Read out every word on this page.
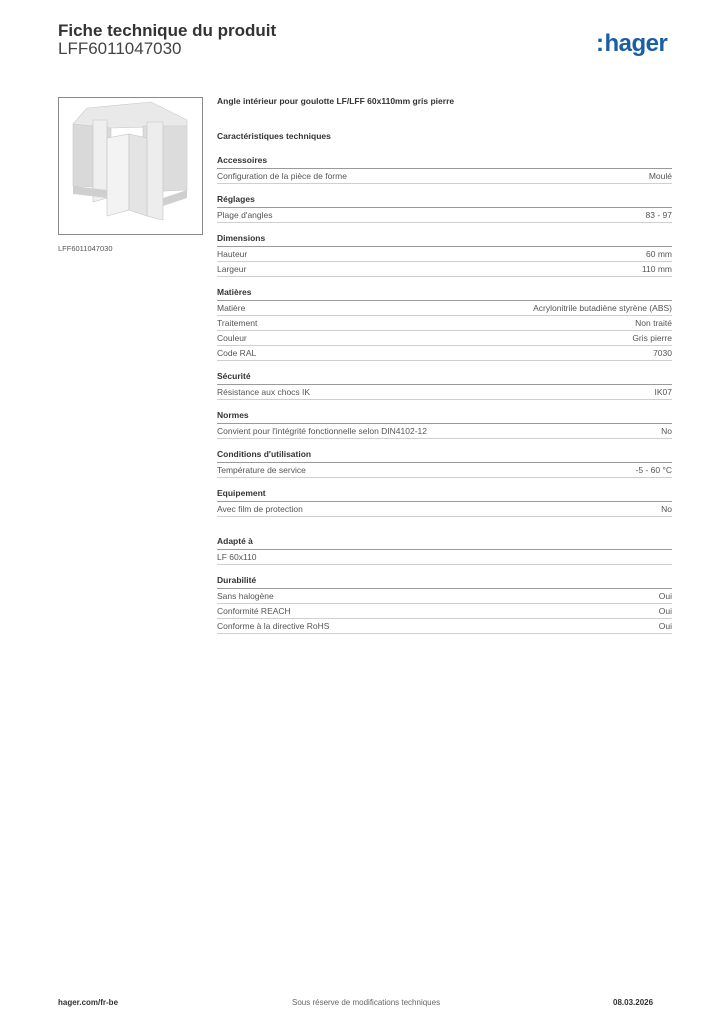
Fiche technique du produit
LFF6011047030	:hager
LFF6011047030
Angle intérieur pour goulotte LF/LFF 60x110mm gris pierre
Caractéristiques techniques
Accessoires
Configuration de la pièce de forme	Moulé
Réglages
Plage d'angles	83 - 97
Dimensions
Hauteur	60 mm
Largeur	110 mm
Matières
Matière	Acrylonitrile butadiène styrène (ABS)
Traitement	Non traité
Couleur	Gris pierre
Code RAL	7030
Sécurité
Résistance aux chocs IK	IK07
Normes
Convient pour l'intégrité fonctionnelle selon DIN4102-12	No
Conditions d'utilisation
Température de service	-5 - 60 °C
Equipement
Avec film de protection	No
Adapté à
LF 60x110
Durabilité
Sans halogène	Oui
Conformité REACH	Oui
Conforme à la directive RoHS	Oui
hager.com/fr-be	Sous réserve de modifications techniques	08.03.2026
